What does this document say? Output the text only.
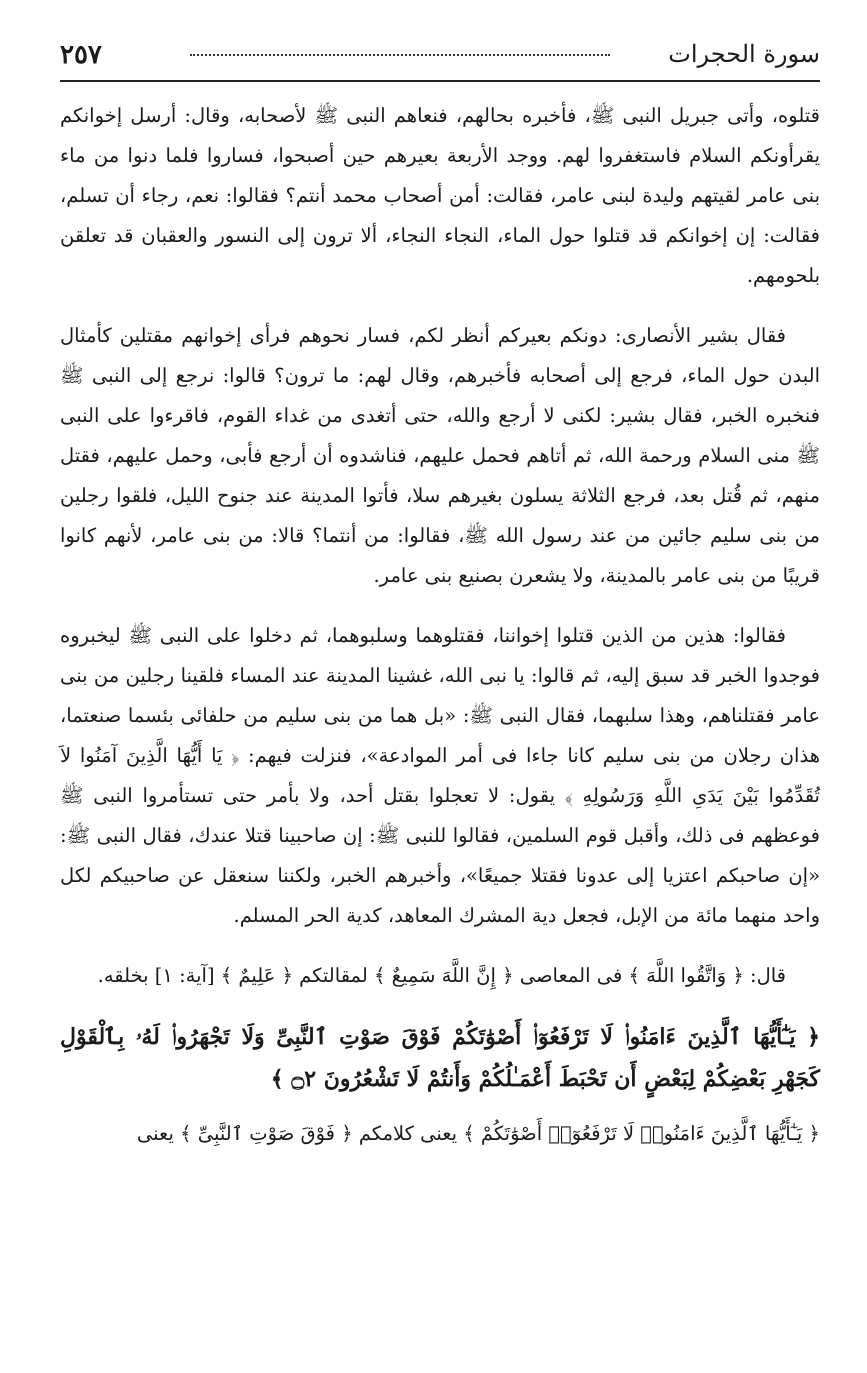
٢٥٧	سورة الحجرات

قتلوه، وأتى جبريل النبى ﷺ، فأخبره بحالهم، فنعاهم النبى ﷺ لأصحابه، وقال: أرسل إخوانكم يقرأونكم السلام فاستغفروا لهم. ووجد الأربعة بعيرهم حين أصبحوا، فساروا فلما دنوا من ماء بنى عامر لقيتهم وليدة لبنى عامر، فقالت: أمن أصحاب محمد أنتم؟ فقالوا: نعم، رجاء أن تسلم، فقالت: إن إخوانكم قد قتلوا حول الماء، النجاء النجاء، ألا ترون إلى النسور والعقبان قد تعلقن بلحومهم.

فقال بشير الأنصارى: دونكم بعيركم أنظر لكم، فسار نحوهم فرأى إخوانهم مقتلين كأمثال البدن حول الماء، فرجع إلى أصحابه فأخبرهم، وقال لهم: ما ترون؟ قالوا: نرجع إلى النبى ﷺ فنخبره الخبر، فقال بشير: لكنى لا أرجع والله، حتى أتغدى من غداء القوم، فاقرءوا على النبى ﷺ منى السلام ورحمة الله، ثم أتاهم فحمل عليهم، فناشدوه أن أرجع فأبى، وحمل عليهم، فقتل منهم، ثم قُتل بعد، فرجع الثلاثة يسلون بغيرهم سلا، فأتوا المدينة عند جنوح الليل، فلقوا رجلين من بنى سليم جائين من عند رسول الله ﷺ، فقالوا: من أنتما؟ قالا: من بنى عامر، لأنهم كانوا قريبًا من بنى عامر بالمدينة، ولا يشعرن بصنيع بنى عامر.

فقالوا: هذين من الذين قتلوا إخواننا، فقتلوهما وسلبوهما، ثم دخلوا على النبى ﷺ ليخبروه فوجدوا الخبر قد سبق إليه، ثم قالوا: يا نبى الله، غشينا المدينة عند المساء فلقينا رجلين من بنى عامر فقتلناهم، وهذا سلبهما، فقال النبى ﷺ: «بل هما من بنى سليم من حلفائى بئسما صنعتما، هذان رجلان من بنى سليم كانا جاءا فى أمر الموادعة»، فنزلت فيهم: ﴿ يَا أَيُّهَا الَّذِينَ آمَنُوا لاَ تُقَدِّمُوا بَيْنَ يَدَىِ اللَّهِ وَرَسُولِهِ ﴾ يقول: لا تعجلوا بقتل أحد، ولا بأمر حتى تستأمروا النبى ﷺ فوعظهم فى ذلك، وأقبل قوم السلمين، فقالوا للنبى ﷺ: إن صاحبينا قتلا عندك، فقال النبى ﷺ: «إن صاحبكم اعتزيا إلى عدونا فقتلا جميعًا»، وأخبرهم الخبر، ولكننا سنعقل عن صاحبيكم لكل واحد منهما مائة من الإبل، فجعل دية المشرك المعاهد، كدية الحر المسلم.

قال: ﴿ وَاتَّقُوا اللَّهَ ﴾ فى المعاصى ﴿ إِنَّ اللَّهَ سَمِيعٌ ﴾ لمقالتكم ﴿ عَلِيمٌ ﴾ [آية: ١] بخلقه.

﴿ يَـٰٓأَيُّهَا ٱلَّذِينَ ءَامَنُوا۟ لَا تَرْفَعُوٓا۟ أَصْوَٰتَكُمْ فَوْقَ صَوْتِ ٱلنَّبِىِّ وَلَا تَجْهَرُوا۟ لَهُۥ بِٱلْقَوْلِ كَجَهْرِ بَعْضِكُمْ لِبَعْضٍ أَن تَحْبَطَ أَعْمَـٰلُكُمْ وَأَنتُمْ لَا تَشْعُرُونَ ۝٢ ﴾

﴿ يَـٰٓأَيُّهَا ٱلَّذِينَ ءَامَنُوا۟ لَا تَرْفَعُوٓا۟ أَصْوَٰتَكُمْ ﴾ يعنى كلامكم ﴿ فَوْقَ صَوْتِ ٱلنَّبِىِّ ﴾ يعنى
